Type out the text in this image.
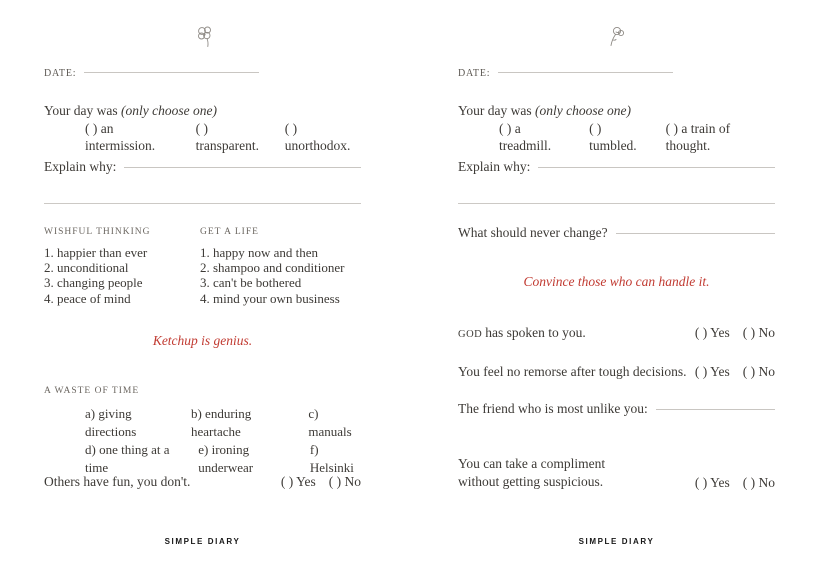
DATE:
Your day was (only choose one)
( ) an intermission.
( ) transparent.
( ) unorthodox.
Explain why:
WISHFUL THINKING
1. happier than ever
2. unconditional
3. changing people
4. peace of mind
GET A LIFE
1. happy now and then
2. shampoo and conditioner
3. can't be bothered
4. mind your own business
Ketchup is genius.
A WASTE OF TIME
a) giving directions
b) enduring heartache
c) manuals
d) one thing at a time
e) ironing underwear
f) Helsinki
Others have fun, you don't.	( ) Yes ( ) No
SIMPLE DIARY
DATE:
Your day was (only choose one)
( ) a treadmill.
( ) tumbled.
( ) a train of thought.
Explain why:
What should never change?
Convince those who can handle it.
GOD has spoken to you.	( ) Yes ( ) No
You feel no remorse after tough decisions. ( ) Yes ( ) No
The friend who is most unlike you:
You can take a compliment
without getting suspicious.	( ) Yes ( ) No
SIMPLE DIARY
